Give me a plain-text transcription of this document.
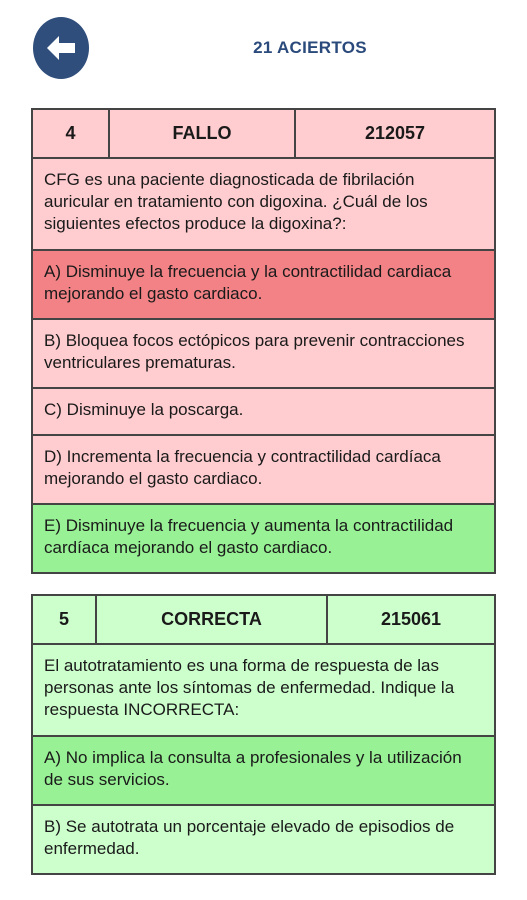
21 ACIERTOS
4	FALLO	212057
CFG es una paciente diagnosticada de fibrilación auricular en tratamiento con digoxina. ¿Cuál de los siguientes efectos produce la digoxina?:
A) Disminuye la frecuencia y la contractilidad cardiaca mejorando el gasto cardiaco.
B) Bloquea focos ectópicos para prevenir contracciones ventriculares prematuras.
C) Disminuye la poscarga.
D) Incrementa la frecuencia y contractilidad cardíaca mejorando el gasto cardiaco.
E) Disminuye la frecuencia y aumenta la contractilidad cardíaca mejorando el gasto cardiaco.
5	CORRECTA	215061
El autotratamiento es una forma de respuesta de las personas ante los síntomas de enfermedad. Indique la respuesta INCORRECTA:
A) No implica la consulta a profesionales y la utilización de sus servicios.
B) Se autotrata un porcentaje elevado de episodios de enfermedad.
